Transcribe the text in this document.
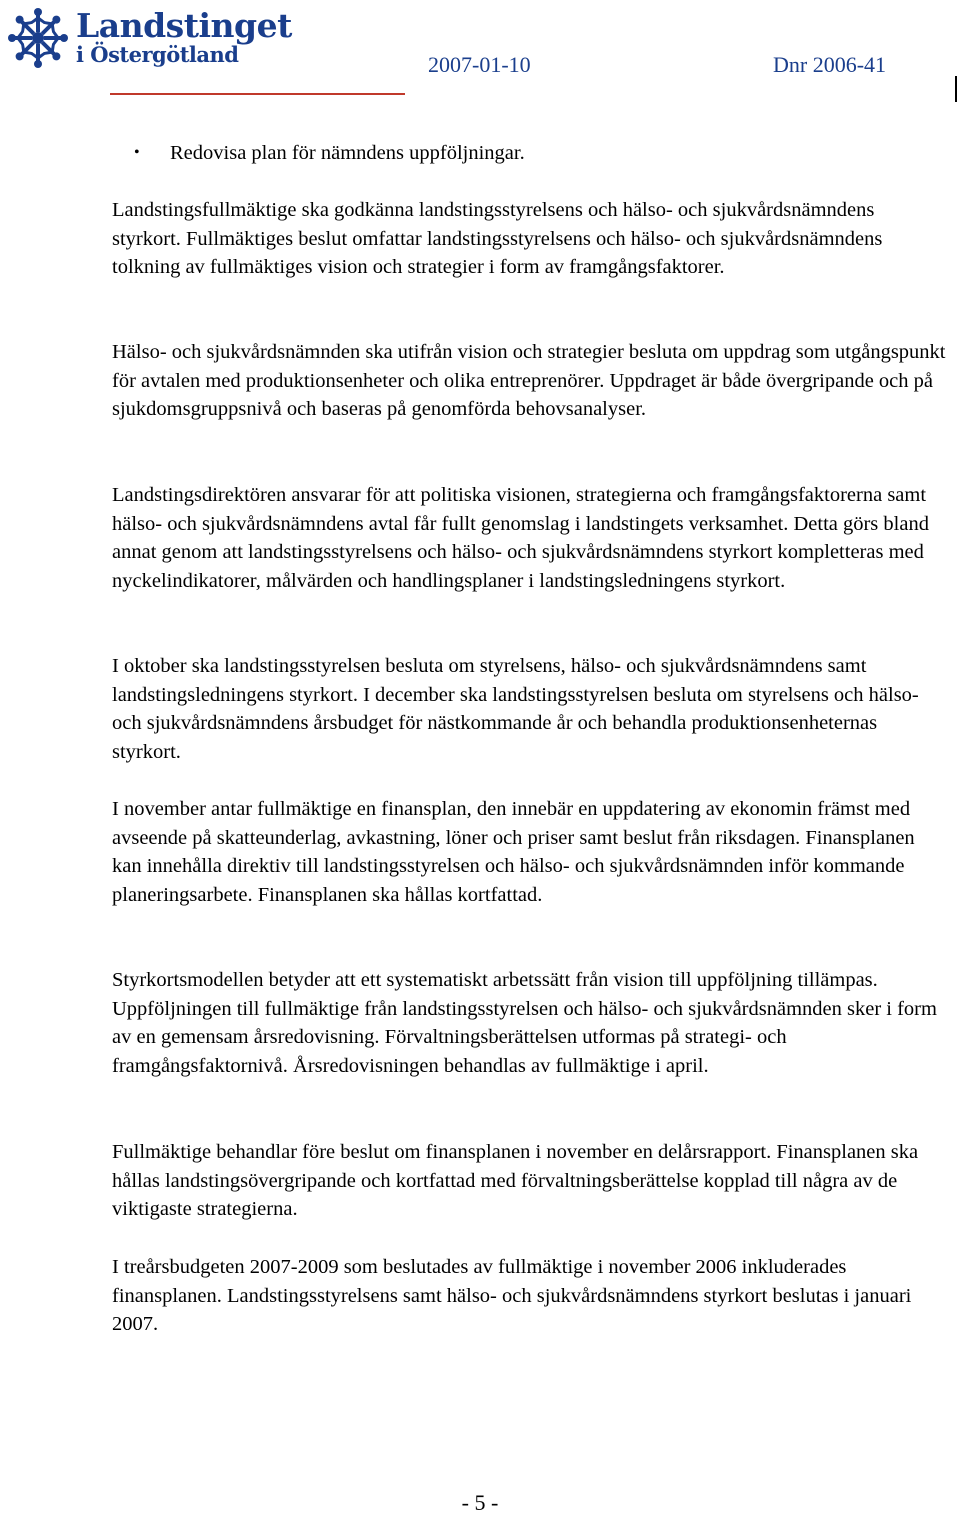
Landstinget
i Östergötland	2007-01-10	Dnr 2006-41
• Redovisa plan för nämndens uppföljningar.

Landstingsfullmäktige ska godkänna landstingsstyrelsens och hälso- och sjukvårdsnämndens styrkort. Fullmäktiges beslut omfattar landstingsstyrelsens och hälso- och sjukvårdsnämndens tolkning av fullmäktiges vision och strategier i form av framgångsfaktorer.

Hälso- och sjukvårdsnämnden ska utifrån vision och strategier besluta om uppdrag som utgångspunkt för avtalen med produktionsenheter och olika entreprenörer. Uppdraget är både övergripande och på sjukdomsgruppsnivå och baseras på genomförda behovsanalyser.

Landstingsdirektören ansvarar för att politiska visionen, strategierna och framgångsfaktorerna samt hälso- och sjukvårdsnämndens avtal får fullt genomslag i landstingets verksamhet. Detta görs bland annat genom att landstingsstyrelsens och hälso- och sjukvårdsnämndens styrkort kompletteras med nyckelindikatorer, målvärden och handlingsplaner i landstingsledningens styrkort.

I oktober ska landstingsstyrelsen besluta om styrelsens, hälso- och sjukvårdsnämndens samt landstingsledningens styrkort. I december ska landstingsstyrelsen besluta om styrelsens och hälso- och sjukvårdsnämndens årsbudget för nästkommande år och behandla produktionsenheternas styrkort.

I november antar fullmäktige en finansplan, den innebär en uppdatering av ekonomin främst med avseende på skatteunderlag, avkastning, löner och priser samt beslut från riksdagen. Finansplanen kan innehålla direktiv till landstingsstyrelsen och hälso- och sjukvårdsnämnden inför kommande planeringsarbete. Finansplanen ska hållas kortfattad.

Styrkortsmodellen betyder att ett systematiskt arbetssätt från vision till uppföljning tillämpas. Uppföljningen till fullmäktige från landstingsstyrelsen och hälso- och sjukvårdsnämnden sker i form av en gemensam årsredovisning. Förvaltningsberättelsen utformas på strategi- och framgångsfaktornivå. Årsredovisningen behandlas av fullmäktige i april.

Fullmäktige behandlar före beslut om finansplanen i november en delårsrapport. Finansplanen ska hållas landstingsövergripande och kortfattad med förvaltningsberättelse kopplad till några av de viktigaste strategierna.

I treårsbudgeten 2007-2009 som beslutades av fullmäktige i november 2006 inkluderades finansplanen. Landstingsstyrelsens samt hälso- och sjukvårdsnämndens styrkort beslutas i januari 2007.

- 5 -
